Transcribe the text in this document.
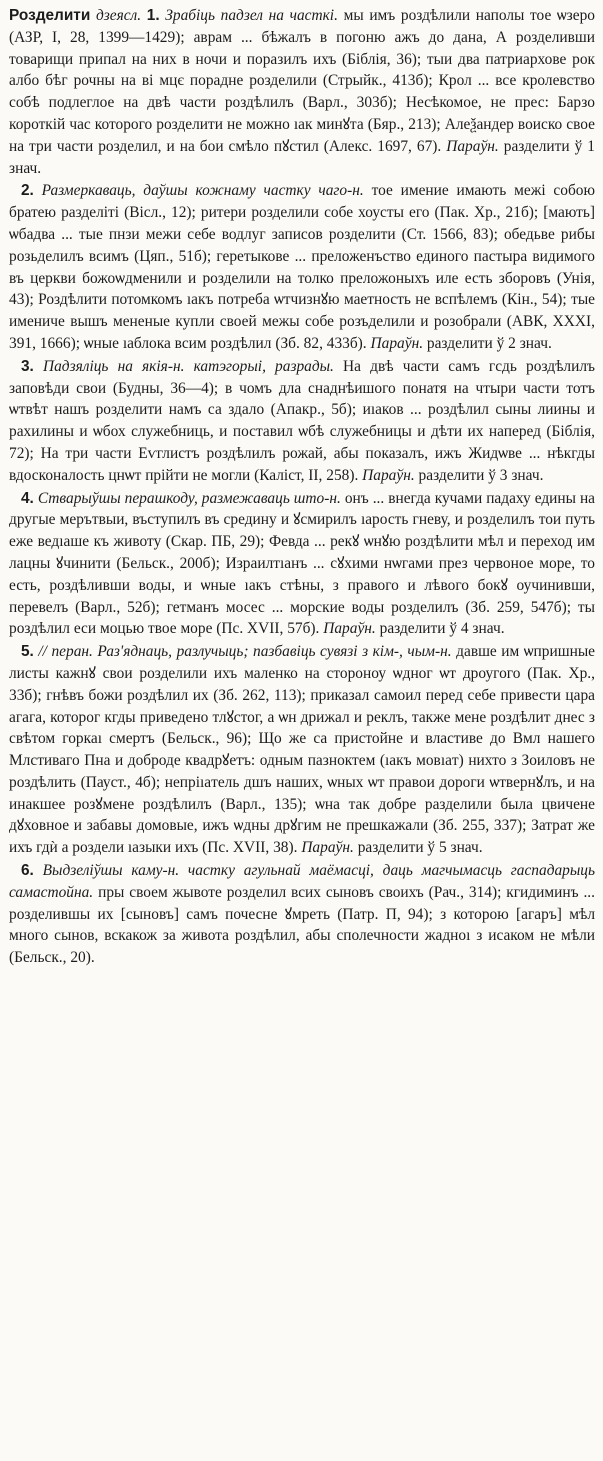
Розделити дзеясл. 1. Зрабіць падзел на часткі. мы имъ роздѣлили наполы тое ѡзеро (АЗР, I, 28, 1399—1429); аврам ... бѣжалъ в погоню ажъ до дана, А розделивши товарищи припал на них в ночи и поразилъ ихъ (Біблія, 36); тыи два патриархове рок албо бѣг рочны на ві мцє порадне розделили (Стрыйк., 413б); Крол ... все кролевство собѣ подлеглое на двѣ части роздѣлилъ (Варл., 303б); Несѣкомое, не прес: Барзо короткій час которого розделити не можно ıaк минꙋта (Бяр., 213); Алеѯандер воиско свое на три части розделил, и на бои смѣло пꙋстил (Алекс. 1697, 67). Параўн. разделити ў 1 знач.

2. Размеркаваць, даўшы кожнаму частку чаго-н. тое имение имають межі собою братею разделіті (Вісл., 12); ритери розделили собе хоусты его (Пак. Хр., 21б); [мають] ѡбадва ... тые пнзи межи себе водлуг записов розделити (Ст. 1566, 83); обедьве рибы розьделилъ всимъ (Цяп., 51б); геретыкове ... преложенъство единого пастыра видимого въ церкви божоѡдменили и розделили на толко преложоныхъ иле есть зборовъ (Унія, 43); Роздѣлити потомкомъ ıaкъ потреба ѡтчизнꙋю маетность не вспѣлемъ (Кін., 54); тые именичe вышъ мененые купли своей межы собе розъделили и розобрали (АВК, XXXI, 391, 1666); ѡные ıaблока всим роздѣлил (Зб. 82, 433б). Параўн. разделити ў 2 знач.

3. Падзяліць на якія-н. катэгорыі, разрады. На двѣ части самъ гсдь роздѣлилъ заповѣди свои (Будны, 36—4); в чомъ дла снаднѣишого понатя на чтыри части тотъ ѡтвѣт нашъ розделити намъ са здало (Апакр., 5б); иıaков ... роздѣлил сыны лиины и рахилины и ѡбох служебниць, и поставил ѡбѣ служебницы и дѣти их наперед (Біблія, 72); На три части Eѵглистъ роздѣлилъ рожай, абы показалъ, ижъ Жидѡве ... нѣкгды вдосконалость цнѡт прійти не могли (Каліст, II, 258). Параўн. разделити ў 3 знач.

4. Стварыўшы перашкоду, размежаваць што-н. онъ ... внегда кучами падаху едины на другые мерътвыи, въступилъ въ средину и ꙋсмирилъ ıaрость гневу, и розделилъ тои путь еже ведıaше къ животу (Скар. ПБ, 29); Февда ... рекꙋ ѡнꙋю роздѣлити мѣл и переход им лацны ꙋчинити (Бельск., 200б); Израилтıaнъ ... сꙋхими нѡгами през червоное море, то есть, роздѣливши воды, и ѡные ıaкъ стѣны, з правого и лѣвого бокꙋ оучинивши, перевелъ (Варл., 52б); гетманъ мосес ... морские воды розделилъ (Зб. 259, 547б); ты роздѣлил еси моцью твое море (Пс. XVII, 57б). Параўн. разделити ў 4 знач.

5. // перан. Раз'яднаць, разлучыць; пазбавіць сувязі з кім-, чым-н. давше им ѡпришные листы кажнꙋ свои розделили ихъ маленко на стороноу ѡдног ѡт дроугого (Пак. Хр., 33б); гнѣвъ божи роздѣлил их (Зб. 262, 113); приказал самоил перед себе привести цара агага, которог кгды приведено тлꙋстог, а ѡн дрижал и реклъ, также мене роздѣлит днес з свѣтом горкаı смертъ (Бельск., 96); Що же са пристойне и властиве до Вмл нашего Млстиваго Пна и доброде квадрꙋетъ: одным пазноктем (ıaкъ мовıaт) нихто з Зоиловъ не роздѣлить (Пауст., 4б); непріıaтель дшъ наших, ѡных ѡт правои дороги ѡтвернꙋлъ, и на инакшее розꙋмене роздѣлилъ (Варл., 135); ѡна так добре разделили была цвичене дꙋховное и забавы домовые, ижъ ѡдны дрꙋгим не прешкажали (Зб. 255, 337); Затрат же ихъ гдѝ а роздели ıaзыки ихъ (Пс. XVII, 38). Параўн. разделити ў 5 знач.

6. Выдзеліўшы каму-н. частку агульнай маёмасці, даць магчымасць гаспадарыць самастойна. пры своем жывоте розделил всих сыновъ своихъ (Рач., 314); кгидиминъ ... розделившы их [сыновъ] самъ почесне ꙋмреть (Патр. П, 94); з которою [агаръ] мѣл много сынов, вскакож за живота роздѣлил, абы сполечности жадноı з исаком не мѣли (Бельск., 20).
